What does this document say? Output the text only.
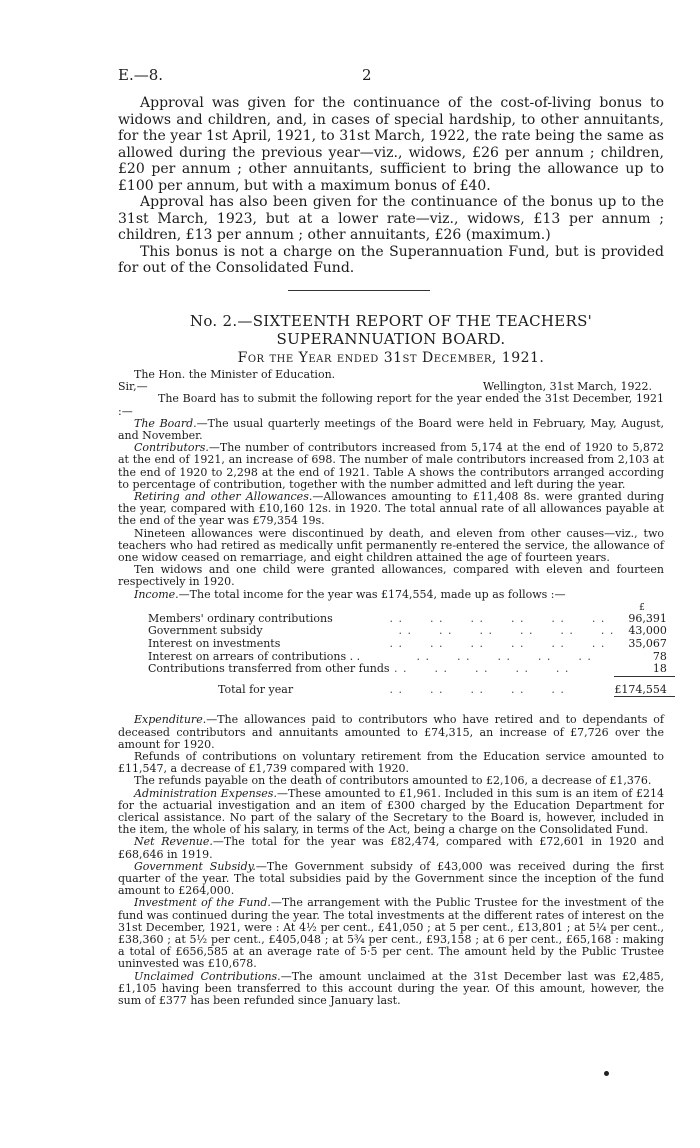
E.—8.	2

Approval was given for the continuance of the cost-of-living bonus to widows and children, and, in cases of special hardship, to other annuitants, for the year 1st April, 1921, to 31st March, 1922, the rate being the same as allowed during the previous year—viz., widows, £26 per annum ; children, £20 per annum ; other annuitants, sufficient to bring the allowance up to £100 per annum, but with a maximum bonus of £40.

Approval has also been given for the continuance of the bonus up to the 31st March, 1923, but at a lower rate—viz., widows, £13 per annum ; children, £13 per annum ; other annuitants, £26 (maximum.)

This bonus is not a charge on the Superannuation Fund, but is provided for out of the Consolidated Fund.

No. 2.—SIXTEENTH REPORT OF THE TEACHERS' SUPERANNUATION BOARD.
For the Year ended 31st December, 1921.

The Hon. the Minister of Education.

Sir,—	Wellington, 31st March, 1922.

The Board has to submit the following report for the year ended the 31st December, 1921 :—

The Board.—The usual quarterly meetings of the Board were held in February, May, August, and November.

Contributors.—The number of contributors increased from 5,174 at the end of 1920 to 5,872 at the end of 1921, an increase of 698. The number of male contributors increased from 2,103 at the end of 1920 to 2,298 at the end of 1921. Table A shows the contributors arranged according to percentage of contribution, together with the number admitted and left during the year.

Retiring and other Allowances.—Allowances amounting to £11,408 8s. were granted during the year, compared with £10,160 12s. in 1920. The total annual rate of all allowances payable at the end of the year was £79,354 19s.

Nineteen allowances were discontinued by death, and eleven from other causes—viz., two teachers who had retired as medically unfit permanently re-entered the service, the allowance of one widow ceased on remarriage, and eight children attained the age of fourteen years.

Ten widows and one child were granted allowances, compared with eleven and fourteen respectively in 1920.

Income.—The total income for the year was £174,554, made up as follows :—

		£
Members' ordinary contributions	. .      . .      . .      . .      . .      . .	96,391
Government subsidy	. .      . .      . .      . .      . .      . .	43,000
Interest on investments	. .      . .      . .      . .      . .      . .	35,067
Interest on arrears of contributions . .	. .      . .      . .      . .      . .	78
Contributions transferred from other funds	. .      . .      . .      . .      . .	18
Total for year	. .      . .      . .      . .      . .	£174,554

Expenditure.—The allowances paid to contributors who have retired and to dependants of deceased contributors and annuitants amounted to £74,315, an increase of £7,726 over the amount for 1920.

Refunds of contributions on voluntary retirement from the Education service amounted to £11,547, a decrease of £1,739 compared with 1920.

The refunds payable on the death of contributors amounted to £2,106, a decrease of £1,376.

Administration Expenses.—These amounted to £1,961. Included in this sum is an item of £214 for the actuarial investigation and an item of £300 charged by the Education Department for clerical assistance. No part of the salary of the Secretary to the Board is, however, included in the item, the whole of his salary, in terms of the Act, being a charge on the Consolidated Fund.

Net Revenue.—The total for the year was £82,474, compared with £72,601 in 1920 and £68,646 in 1919.

Government Subsidy.—The Government subsidy of £43,000 was received during the first quarter of the year. The total subsidies paid by the Government since the inception of the fund amount to £264,000.

Investment of the Fund.—The arrangement with the Public Trustee for the investment of the fund was continued during the year. The total investments at the different rates of interest on the 31st December, 1921, were : At 4½ per cent., £41,050 ; at 5 per cent., £13,801 ; at 5¼ per cent., £38,360 ; at 5½ per cent., £405,048 ; at 5¾ per cent., £93,158 ; at 6 per cent., £65,168 : making a total of £656,585 at an average rate of 5·5 per cent. The amount held by the Public Trustee uninvested was £10,678.

Unclaimed Contributions.—The amount unclaimed at the 31st December last was £2,485, £1,105 having been transferred to this account during the year. Of this amount, however, the sum of £377 has been refunded since January last.
